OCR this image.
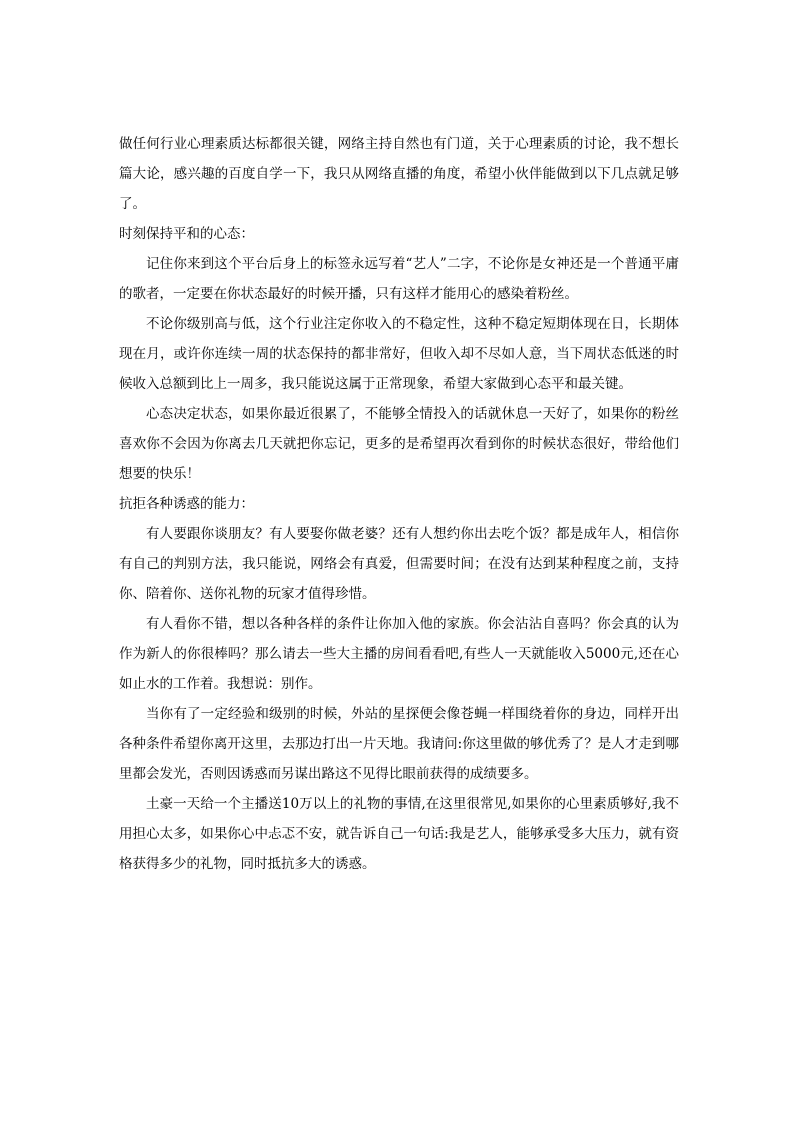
做任何行业心理素质达标都很关键，网络主持自然也有门道，关于心理素质的讨论，我不想长篇大论，感兴趣的百度自学一下，我只从网络直播的角度，希望小伙伴能做到以下几点就足够了。

时刻保持平和的心态：

记住你来到这个平台后身上的标签永远写着“艺人”二字，不论你是女神还是一个普通平庸的歌者，一定要在你状态最好的时候开播，只有这样才能用心的感染着粉丝。

不论你级别高与低，这个行业注定你收入的不稳定性，这种不稳定短期体现在日，长期体现在月，或许你连续一周的状态保持的都非常好，但收入却不尽如人意，当下周状态低迷的时候收入总额到比上一周多，我只能说这属于正常现象，希望大家做到心态平和最关键。

心态决定状态，如果你最近很累了，不能够全情投入的话就休息一天好了，如果你的粉丝喜欢你不会因为你离去几天就把你忘记，更多的是希望再次看到你的时候状态很好，带给他们想要的快乐！

抗拒各种诱惑的能力：

有人要跟你谈朋友？有人要娶你做老婆？还有人想约你出去吃个饭？都是成年人，相信你有自己的判别方法，我只能说，网络会有真爱，但需要时间；在没有达到某种程度之前，支持你、陪着你、送你礼物的玩家才值得珍惜。

有人看你不错，想以各种各样的条件让你加入他的家族。你会沾沾自喜吗？你会真的认为作为新人的你很棒吗？那么请去一些大主播的房间看看吧,有些人一天就能收入5000元,还在心如止水的工作着。我想说：别作。

当你有了一定经验和级别的时候，外站的星探便会像苍蝇一样围绕着你的身边，同样开出各种条件希望你离开这里，去那边打出一片天地。我请问:你这里做的够优秀了？是人才走到哪里都会发光，否则因诱惑而另谋出路这不见得比眼前获得的成绩要多。

土豪一天给一个主播送10万以上的礼物的事情,在这里很常见,如果你的心里素质够好,我不用担心太多，如果你心中忐忑不安，就告诉自己一句话:我是艺人，能够承受多大压力，就有资格获得多少的礼物，同时抵抗多大的诱惑。
